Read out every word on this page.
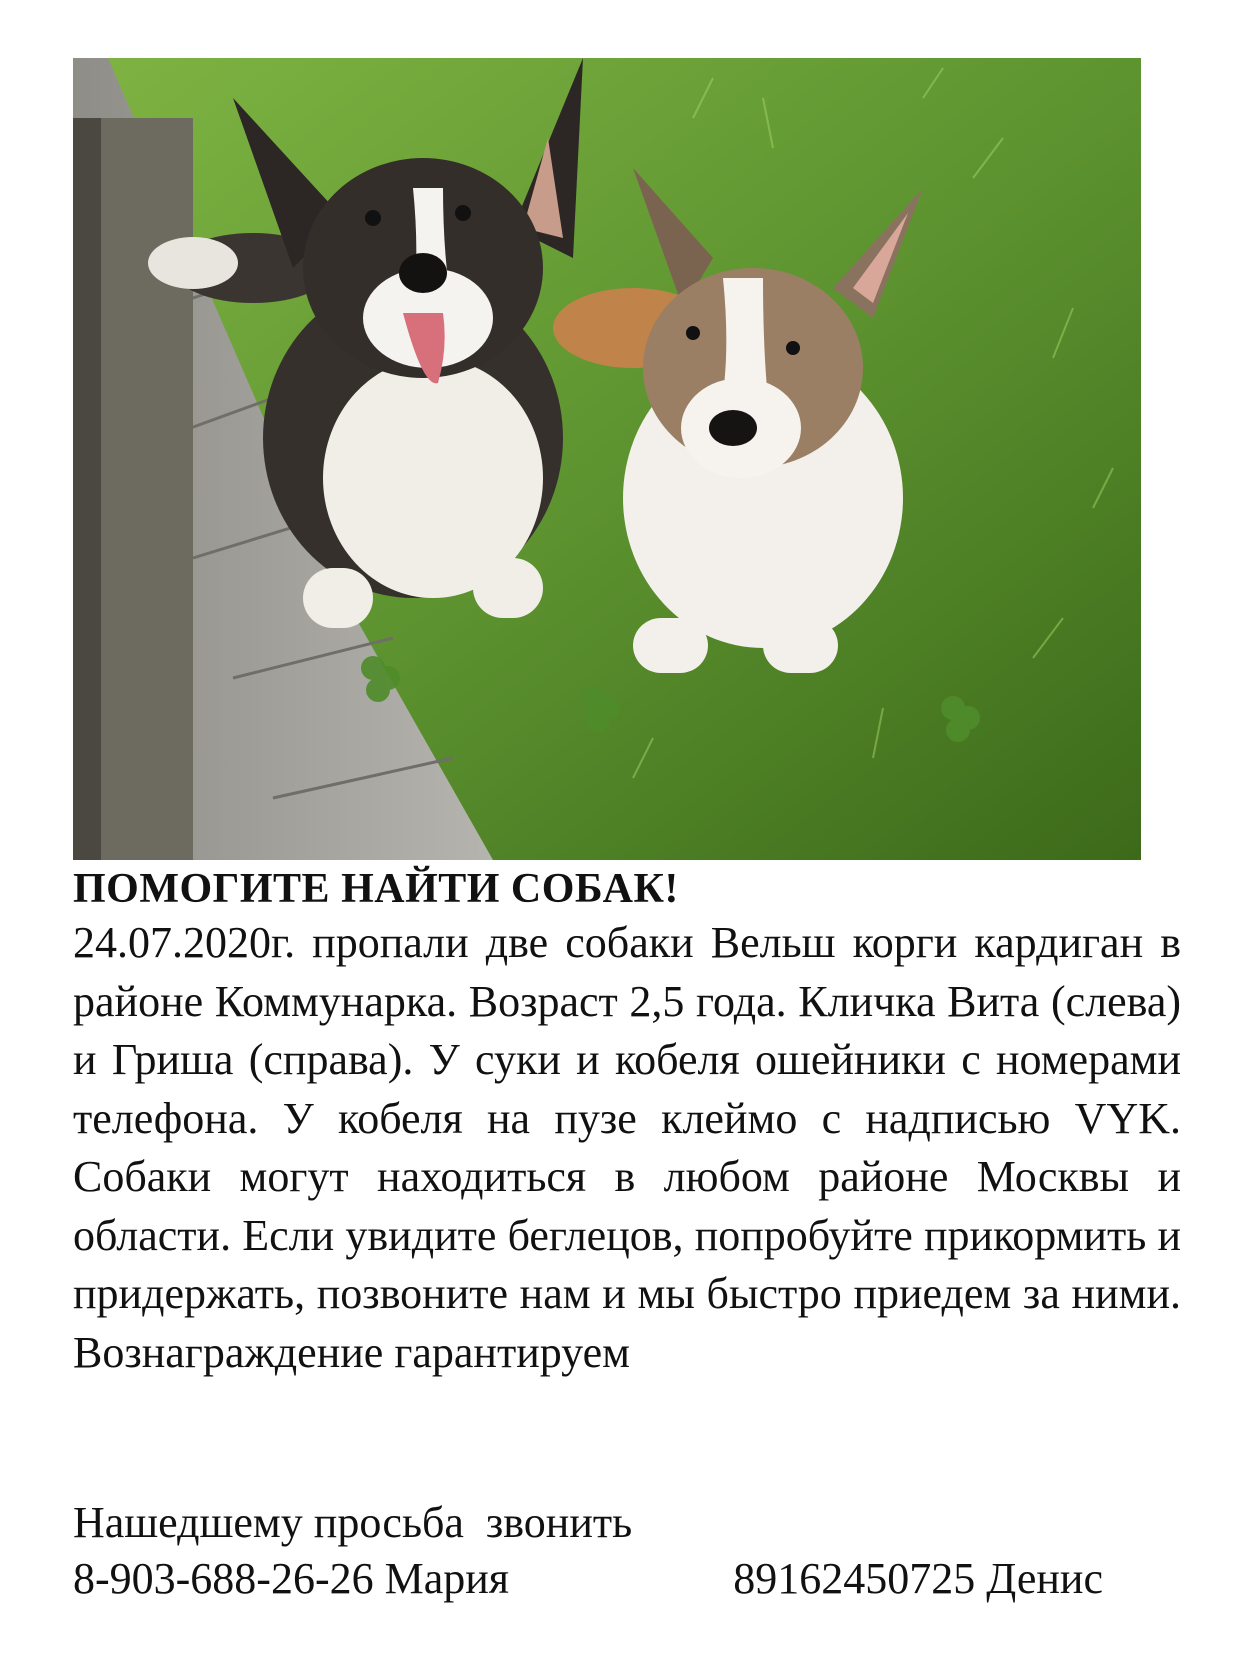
ПОМОГИТЕ НАЙТИ СОБАК!

24.07.2020г. пропали две собаки Вельш корги кардиган в районе Коммунарка. Возраст 2,5 года. Кличка Вита (слева) и Гриша (справа). У суки и кобеля ошейники с номерами телефона. У кобеля на пузе клеймо с надписью VYK. Собаки могут находиться в любом районе Москвы и области. Если увидите беглецов, попробуйте прикормить и придержать, позвоните нам и мы быстро приедем за ними. Вознаграждение гарантируем

Нашедшему просьба  звонить
8-903-688-26-26 Мария	89162450725 Денис
